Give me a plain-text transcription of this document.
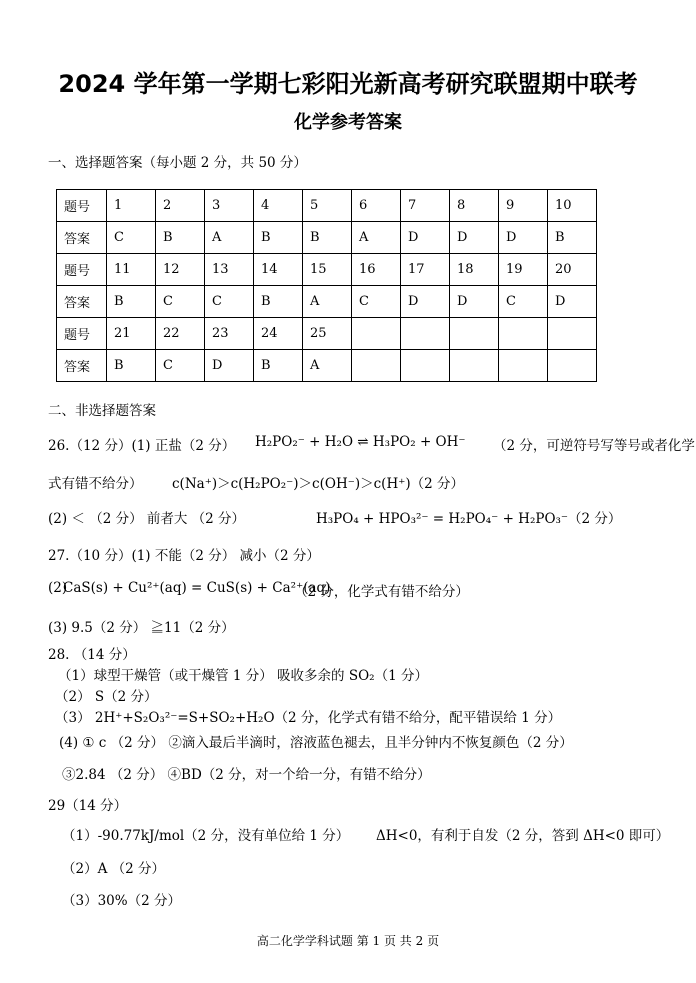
2024 学年第一学期七彩阳光新高考研究联盟期中联考
化学参考答案
一、选择题答案（每小题 2 分，共 50 分）
题号	1	2	3	4	5	6	7	8	9	10
答案	C	B	A	B	B	A	D	D	D	B
题号	11	12	13	14	15	16	17	18	19	20
答案	B	C	C	B	A	C	D	D	C	D
题号	21	22	23	24	25					
答案	B	C	D	B	A					
二、非选择题答案
26.（12 分）(1) 正盐（2 分） H₂PO₂⁻ + H₂O ⇌ H₃PO₂ + OH⁻ （2 分，可逆符号写等号或者化学
式有错不给分） c(Na⁺)＞c(H₂PO₂⁻)＞c(OH⁻)＞c(H⁺)（2 分）
(2) ＜ （2 分） 前者大 （2 分）	H₃PO₄ + HPO₃²⁻ = H₂PO₄⁻ + H₂PO₃⁻（2 分）
27.（10 分）(1) 不能（2 分） 减小（2 分）
(2)
CaS(s) + Cu²⁺(aq) = CuS(s) + Ca²⁺(aq)
（2 分，化学式有错不给分）
(3) 9.5（2 分） ≧11（2 分）
28. （14 分）
（1）球型干燥管（或干燥管 1 分） 吸收多余的 SO₂（1 分）
（2） S（2 分）
（3） 2H⁺+S₂O₃²⁻=S+SO₂+H₂O（2 分，化学式有错不给分，配平错误给 1 分）
(4) ① c （2 分） ②滴入最后半滴时，溶液蓝色褪去，且半分钟内不恢复颜色（2 分）
③2.84 （2 分） ④BD（2 分，对一个给一分，有错不给分）
29（14 分）
（1）-90.77kJ/mol（2 分，没有单位给 1 分） ΔH<0，有利于自发（2 分，答到 ΔH<0 即可）
（2）A （2 分）
（3）30%（2 分）
高二化学学科试题 第 1 页 共 2 页
